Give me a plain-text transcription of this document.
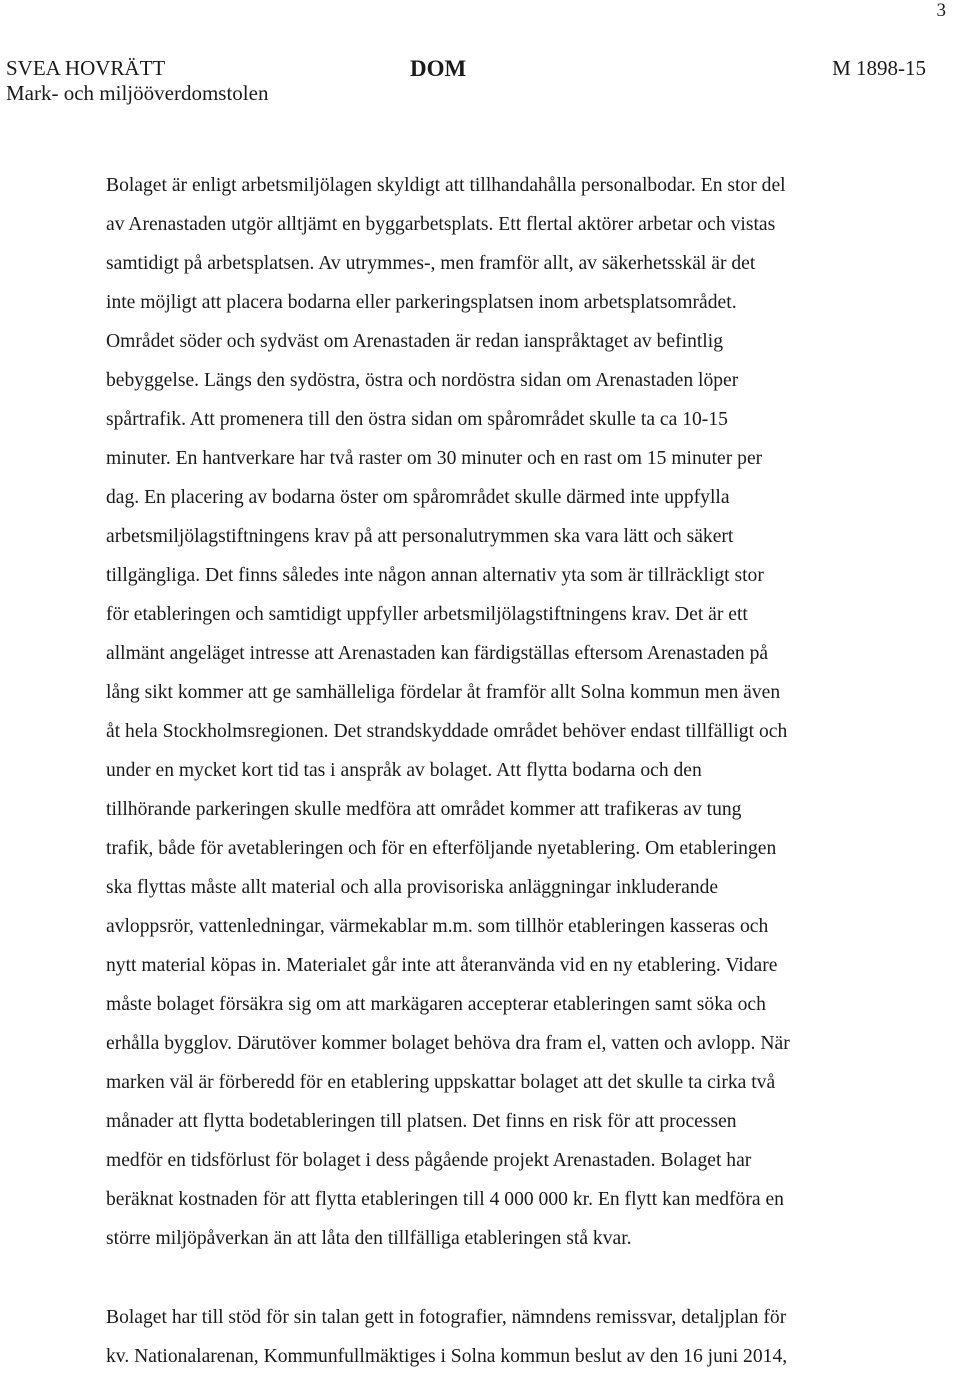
3
SVEA HOVRÄTT
Mark- och miljööverdomstolen
DOM	M 1898-15

Bolaget är enligt arbetsmiljölagen skyldigt att tillhandahålla personalbodar. En stor del
av Arenastaden utgör alltjämt en byggarbetsplats. Ett flertal aktörer arbetar och vistas
samtidigt på arbetsplatsen. Av utrymmes-, men framför allt, av säkerhetsskäl är det
inte möjligt att placera bodarna eller parkeringsplatsen inom arbetsplatsområdet.
Området söder och sydväst om Arenastaden är redan ianspråktaget av befintlig
bebyggelse. Längs den sydöstra, östra och nordöstra sidan om Arenastaden löper
spårtrafik. Att promenera till den östra sidan om spårområdet skulle ta ca 10-15
minuter. En hantverkare har två raster om 30 minuter och en rast om 15 minuter per
dag. En placering av bodarna öster om spårområdet skulle därmed inte uppfylla
arbetsmiljölagstiftningens krav på att personalutrymmen ska vara lätt och säkert
tillgängliga. Det finns således inte någon annan alternativ yta som är tillräckligt stor
för etableringen och samtidigt uppfyller arbetsmiljölagstiftningens krav. Det är ett
allmänt angeläget intresse att Arenastaden kan färdigställas eftersom Arenastaden på
lång sikt kommer att ge samhälleliga fördelar åt framför allt Solna kommun men även
åt hela Stockholmsregionen. Det strandskyddade området behöver endast tillfälligt och
under en mycket kort tid tas i anspråk av bolaget. Att flytta bodarna och den
tillhörande parkeringen skulle medföra att området kommer att trafikeras av tung
trafik, både för avetableringen och för en efterföljande nyetablering. Om etableringen
ska flyttas måste allt material och alla provisoriska anläggningar inkluderande
avloppsrör, vattenledningar, värmekablar m.m. som tillhör etableringen kasseras och
nytt material köpas in. Materialet går inte att återanvända vid en ny etablering. Vidare
måste bolaget försäkra sig om att markägaren accepterar etableringen samt söka och
erhålla bygglov. Därutöver kommer bolaget behöva dra fram el, vatten och avlopp. När
marken väl är förberedd för en etablering uppskattar bolaget att det skulle ta cirka två
månader att flytta bodetableringen till platsen. Det finns en risk för att processen
medför en tidsförlust för bolaget i dess pågående projekt Arenastaden. Bolaget har
beräknat kostnaden för att flytta etableringen till 4 000 000 kr. En flytt kan medföra en
större miljöpåverkan än att låta den tillfälliga etableringen stå kvar.

Bolaget har till stöd för sin talan gett in fotografier, nämndens remissvar, detaljplan för
kv. Nationalarenan, Kommunfullmäktiges i Solna kommun beslut av den 16 juni 2014,
